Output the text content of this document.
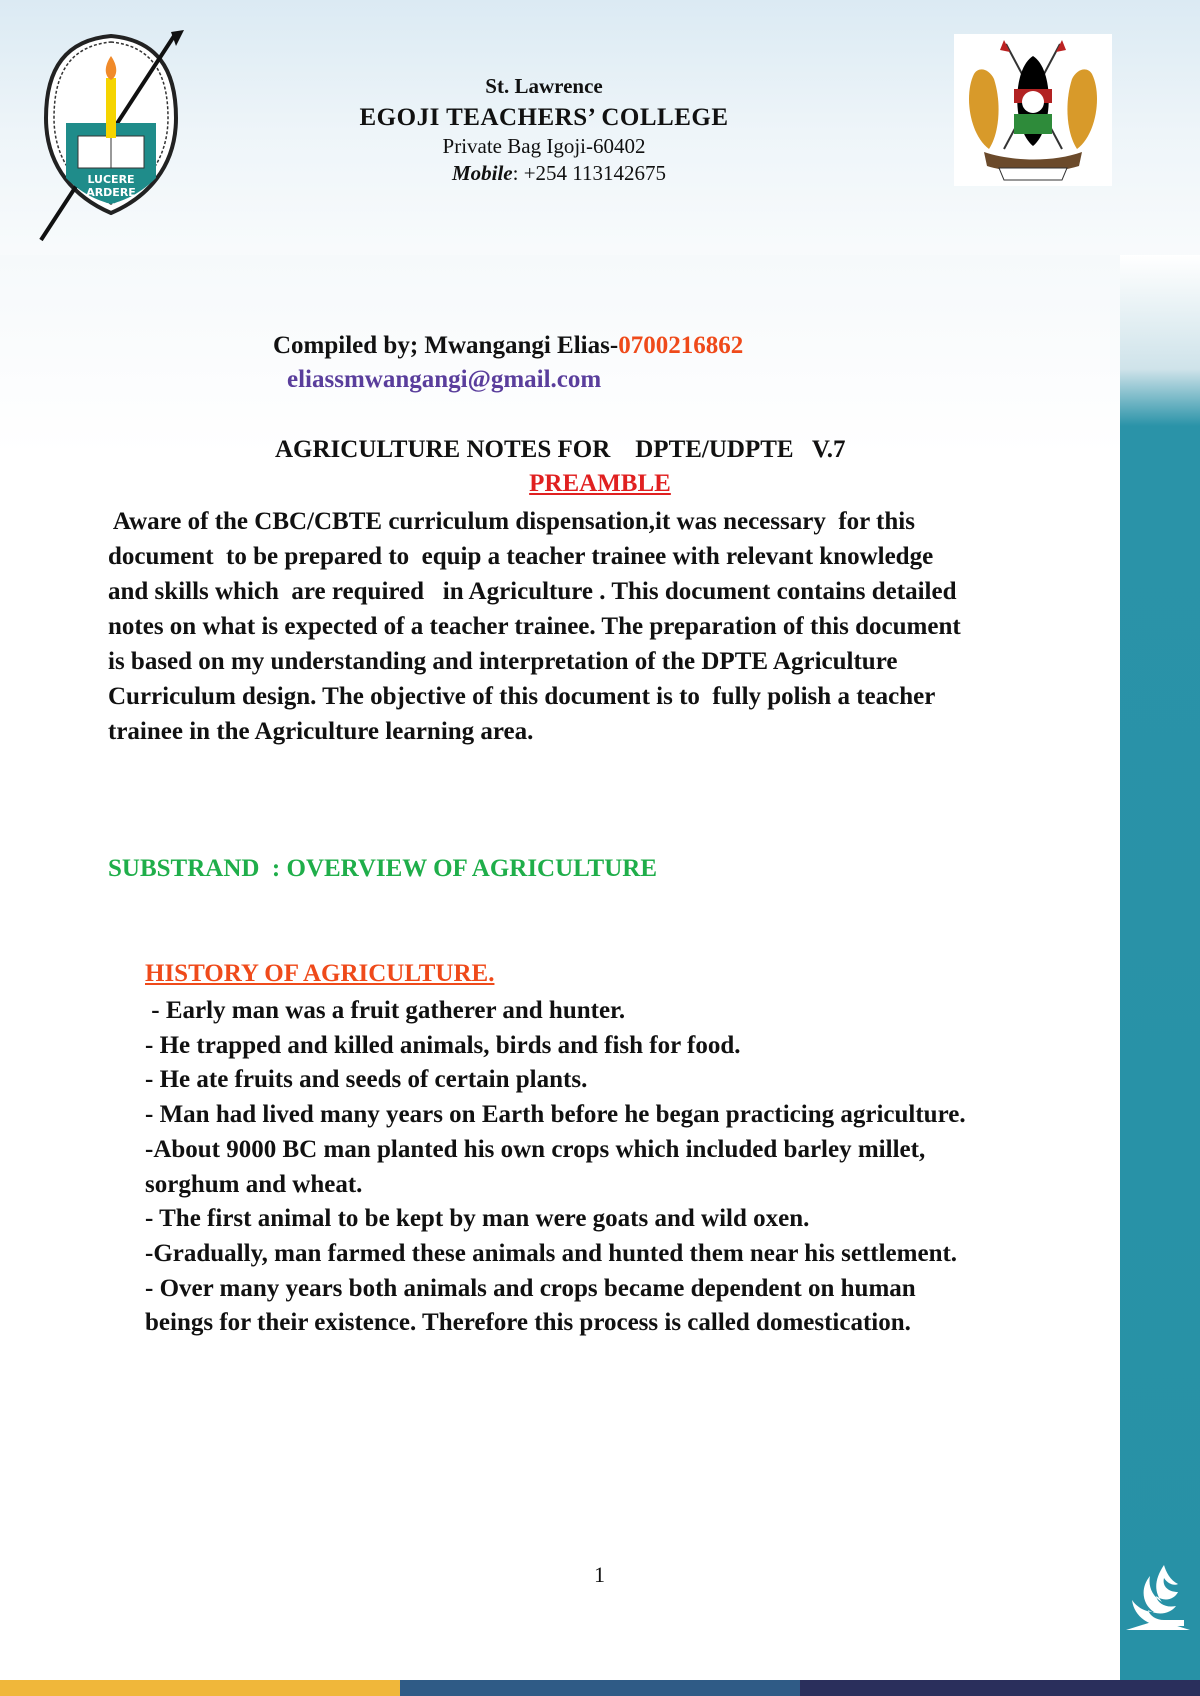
LUCERE
ARDERE
St. Lawrence
EGOJI TEACHERS’ COLLEGE
Private Bag Igoji-60402
Mobile: +254 113142675
Compiled by; Mwangangi Elias-0700216862
eliassmwangangi@gmail.com
AGRICULTURE NOTES FOR    DPTE/UDPTE   V.7
PREAMBLE
Aware of the CBC/CBTE curriculum dispensation,it was necessary  for this
document  to be prepared to  equip a teacher trainee with relevant knowledge
and skills which  are required   in Agriculture . This document contains detailed
notes on what is expected of a teacher trainee. The preparation of this document
is based on my understanding and interpretation of the DPTE Agriculture
Curriculum design. The objective of this document is to  fully polish a teacher
trainee in the Agriculture learning area.
SUBSTRAND  : OVERVIEW OF AGRICULTURE
HISTORY OF AGRICULTURE.
- Early man was a fruit gatherer and hunter.
- He trapped and killed animals, birds and fish for food.
- He ate fruits and seeds of certain plants.
- Man had lived many years on Earth before he began practicing agriculture.
-About 9000 BC man planted his own crops which included barley millet,
sorghum and wheat.
- The first animal to be kept by man were goats and wild oxen.
-Gradually, man farmed these animals and hunted them near his settlement.
- Over many years both animals and crops became dependent on human
beings for their existence. Therefore this process is called domestication.
1
